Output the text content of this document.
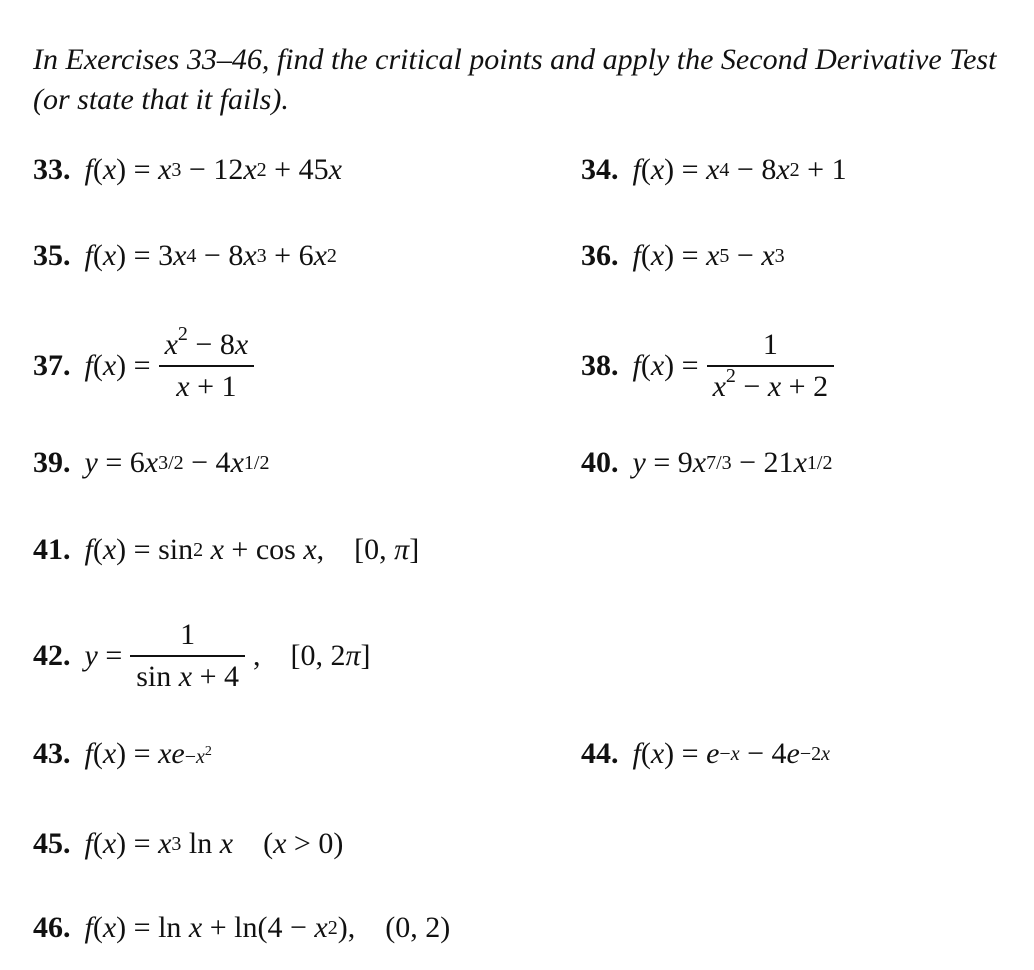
In Exercises 33–46, find the critical points and apply the Second Derivative Test (or state that it fails).
33. f ( x ) = x 3 − 12 x 2 + 45 x	34. f ( x ) = x 4 − 8 x 2 + 1
35. f ( x ) = 3 x 4 − 8 x 3 + 6 x 2	36. f ( x ) = x 5 − x 3
37. f ( x ) = $\frac{x^2 - 8x}{x + 1}$	38. f ( x ) = $\frac{1}{x^2 - x + 2}$
39. y = 6 x 3/2 − 4 x 1/2	40. y = 9 x 7/3 − 21 x 1/2
41. f ( x ) = sin 2
x + cos x , [0, π ]
42. $y = \frac{1}{\text{sin x + 4}}$ , [0, 2 π ]
43. f ( x ) = xe $-x^2$	44. f ( x ) = e −x − 4 e −2x
45. f ( x ) = x 3 ln x ( x > 0)
46. f ( x ) = ln x + ln(4 − x 2 ), (0, 2)
